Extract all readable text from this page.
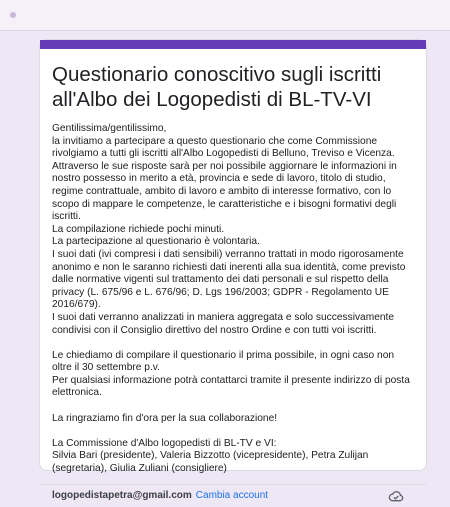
Questionario conoscitivo sugli iscritti all'Albo dei Logopedisti di BL-TV-VI

Gentilissima/gentilissimo,

la invitiamo a partecipare a questo questionario che come Commissione rivolgiamo a tutti gli iscritti all'Albo Logopedisti di Belluno, Treviso e Vicenza.

Attraverso le sue risposte sarà per noi possibile aggiornare le informazioni in nostro possesso in merito a età, provincia e sede di lavoro, titolo di studio, regime contrattuale, ambito di lavoro e ambito di interesse formativo, con lo scopo di mappare le competenze, le caratteristiche e i bisogni formativi degli iscritti.

La compilazione richiede pochi minuti.

La partecipazione al questionario è volontaria.

I suoi dati (ivi compresi i dati sensibili) verranno trattati in modo rigorosamente anonimo e non le saranno richiesti dati inerenti alla sua identità, come previsto dalle normative vigenti sul trattamento dei dati personali e sul rispetto della privacy (L. 675/96 e L. 676/96; D. Lgs 196/2003; GDPR - Regolamento UE 2016/679).

I suoi dati verranno analizzati in maniera aggregata e solo successivamente condivisi con il Consiglio direttivo del nostro Ordine e con tutti voi iscritti.

Le chiediamo di compilare il questionario il prima possibile, in ogni caso non oltre il 30 settembre p.v.

Per qualsiasi informazione potrà contattarci tramite il presente indirizzo di posta elettronica.

La ringraziamo fin d'ora per la sua collaborazione!

La Commissione d'Albo logopedisti di BL-TV e VI:

Silvia Bari (presidente), Valeria Bizzotto (vicepresidente), Petra Zulijan (segretaria), Giulia Zuliani (consigliere)

logopedistapetra@gmail.com Cambia account
